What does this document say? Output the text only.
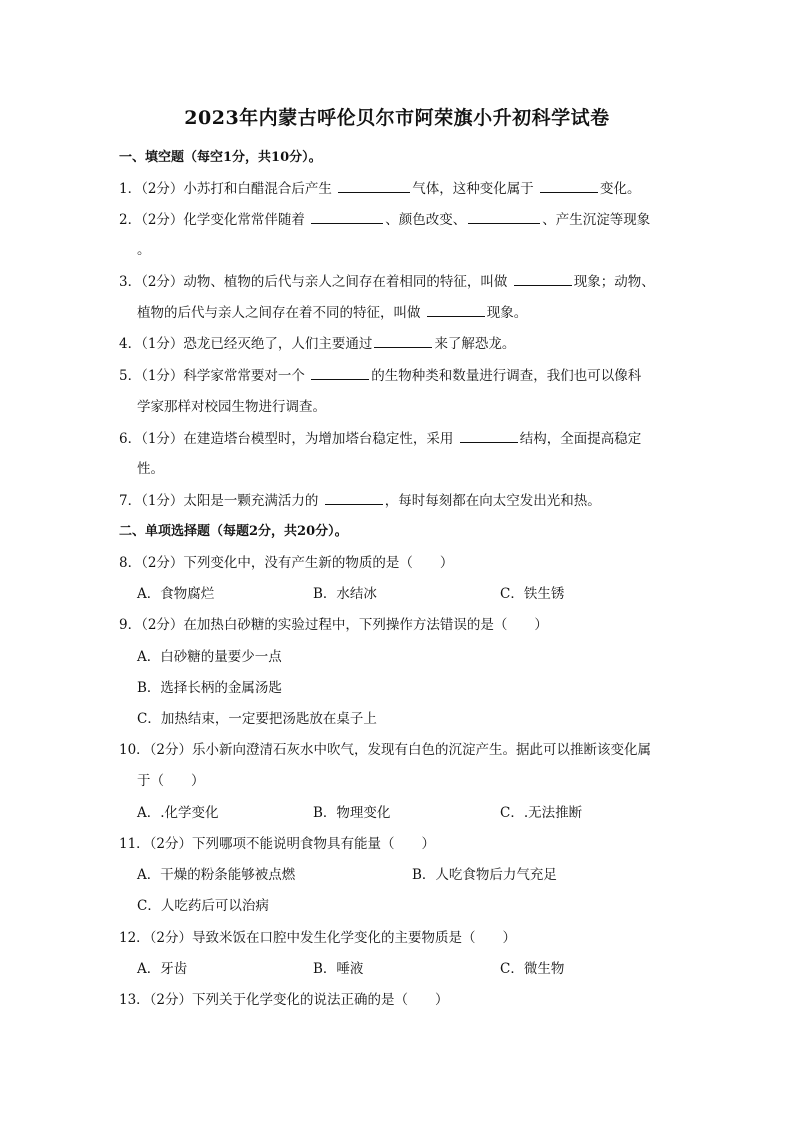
2023年内蒙古呼伦贝尔市阿荣旗小升初科学试卷
一、填空题（每空1分，共10分）。
1．（2分）小苏打和白醋混合后产生	气体，这种变化属于	变化。
2．（2分）化学变化常常伴随着	、颜色改变、	、产生沉淀等现象
。
3．（2分）动物、植物的后代与亲人之间存在着相同的特征，叫做	现象；动物、
植物的后代与亲人之间存在着不同的特征，叫做	现象。
4．（1分）恐龙已经灭绝了，人们主要通过	来了解恐龙。
5．（1分）科学家常常要对一个	的生物种类和数量进行调查，我们也可以像科
学家那样对校园生物进行调查。
6．（1分）在建造塔台模型时，为增加塔台稳定性，采用	结构，全面提高稳定
性。
7．（1分）太阳是一颗充满活力的	，每时每刻都在向太空发出光和热。
二、单项选择题（每题2分，共20分）。
8．（2分）下列变化中，没有产生新的物质的是（　　）
A．食物腐烂	B．水结冰	C．铁生锈
9．（2分）在加热白砂糖的实验过程中，下列操作方法错误的是（　　）
A．白砂糖的量要少一点
B．选择长柄的金属汤匙
C．加热结束，一定要把汤匙放在桌子上
10．（2分）乐小新向澄清石灰水中吹气，发现有白色的沉淀产生。据此可以推断该变化属
于（　　）
A．.化学变化	B．物理变化	C．.无法推断
11．（2分）下列哪项不能说明食物具有能量（　　）
A．干燥的粉条能够被点燃	B．人吃食物后力气充足
C．人吃药后可以治病
12．（2分）导致米饭在口腔中发生化学变化的主要物质是（　　）
A．牙齿	B．唾液	C．微生物
13．（2分）下列关于化学变化的说法正确的是（　　）
